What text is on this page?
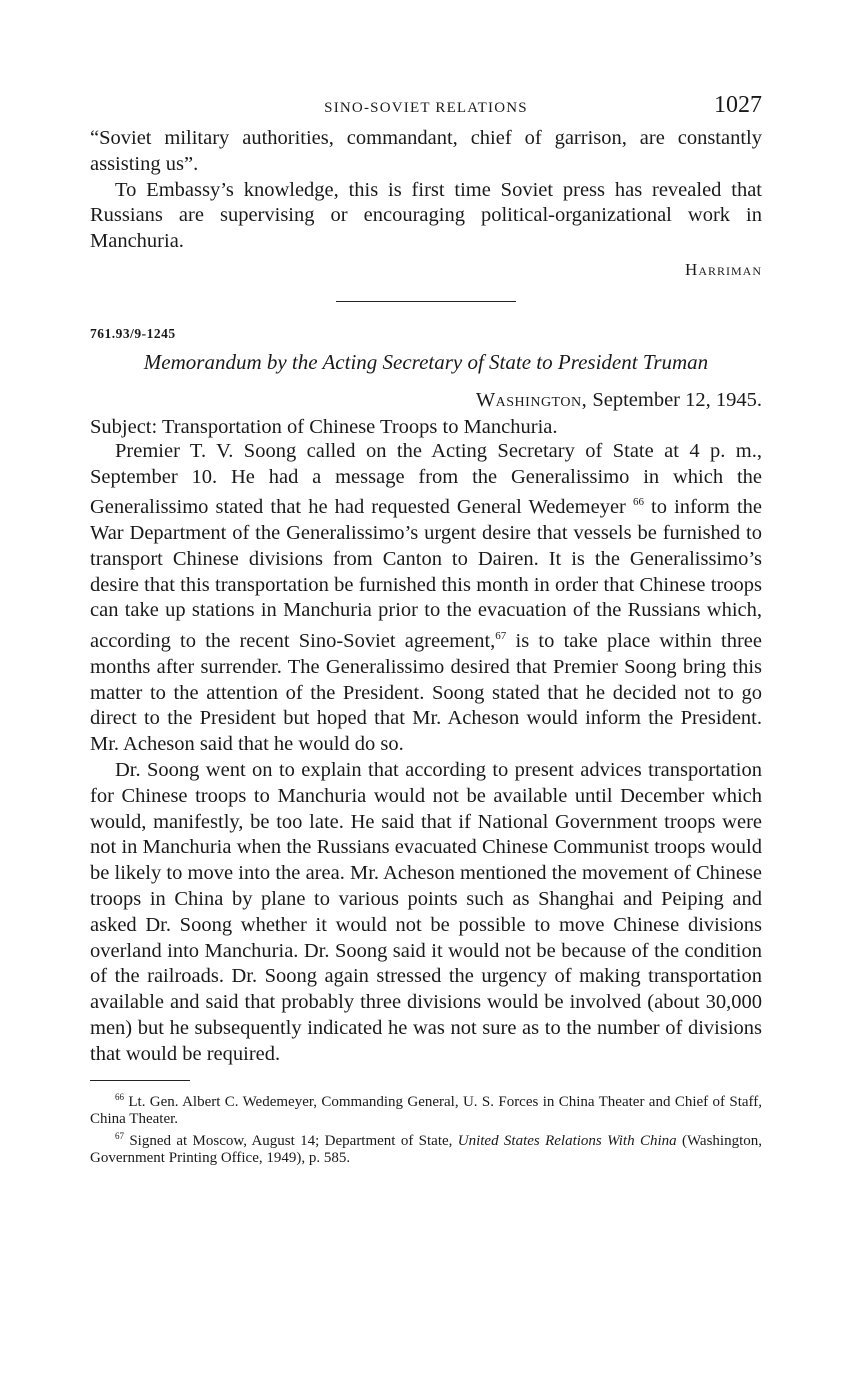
SINO-SOVIET RELATIONS	1027

“Soviet military authorities, commandant, chief of garrison, are constantly assisting us”.

To Embassy’s knowledge, this is first time Soviet press has revealed that Russians are supervising or encouraging political-organizational work in Manchuria.

Harriman
761.93/9-1245
Memorandum by the Acting Secretary of State to President Truman
Washington, September 12, 1945.
Subject: Transportation of Chinese Troops to Manchuria.

Premier T. V. Soong called on the Acting Secretary of State at 4 p. m., September 10. He had a message from the Generalissimo in which the Generalissimo stated that he had requested General Wedemeyer $^{66}$ to inform the War Department of the Generalissimo’s urgent desire that vessels be furnished to transport Chinese divisions from Canton to Dairen. It is the Generalissimo’s desire that this transportation be furnished this month in order that Chinese troops can take up stations in Manchuria prior to the evacuation of the Russians which, according to the recent Sino-Soviet agreement,$^{67}$ is to take place within three months after surrender. The Generalissimo desired that Premier Soong bring this matter to the attention of the President. Soong stated that he decided not to go direct to the President but hoped that Mr. Acheson would inform the President. Mr. Acheson said that he would do so.

Dr. Soong went on to explain that according to present advices transportation for Chinese troops to Manchuria would not be available until December which would, manifestly, be too late. He said that if National Government troops were not in Manchuria when the Russians evacuated Chinese Communist troops would be likely to move into the area. Mr. Acheson mentioned the movement of Chinese troops in China by plane to various points such as Shanghai and Peiping and asked Dr. Soong whether it would not be possible to move Chinese divisions overland into Manchuria. Dr. Soong said it would not be because of the condition of the railroads. Dr. Soong again stressed the urgency of making transportation available and said that probably three divisions would be involved (about 30,000 men) but he subsequently indicated he was not sure as to the number of divisions that would be required.

$^{66}$ Lt. Gen. Albert C. Wedemeyer, Commanding General, U. S. Forces in China Theater and Chief of Staff, China Theater.

$^{67}$ Signed at Moscow, August 14; Department of State, United States Relations With China (Washington, Government Printing Office, 1949), p. 585.
